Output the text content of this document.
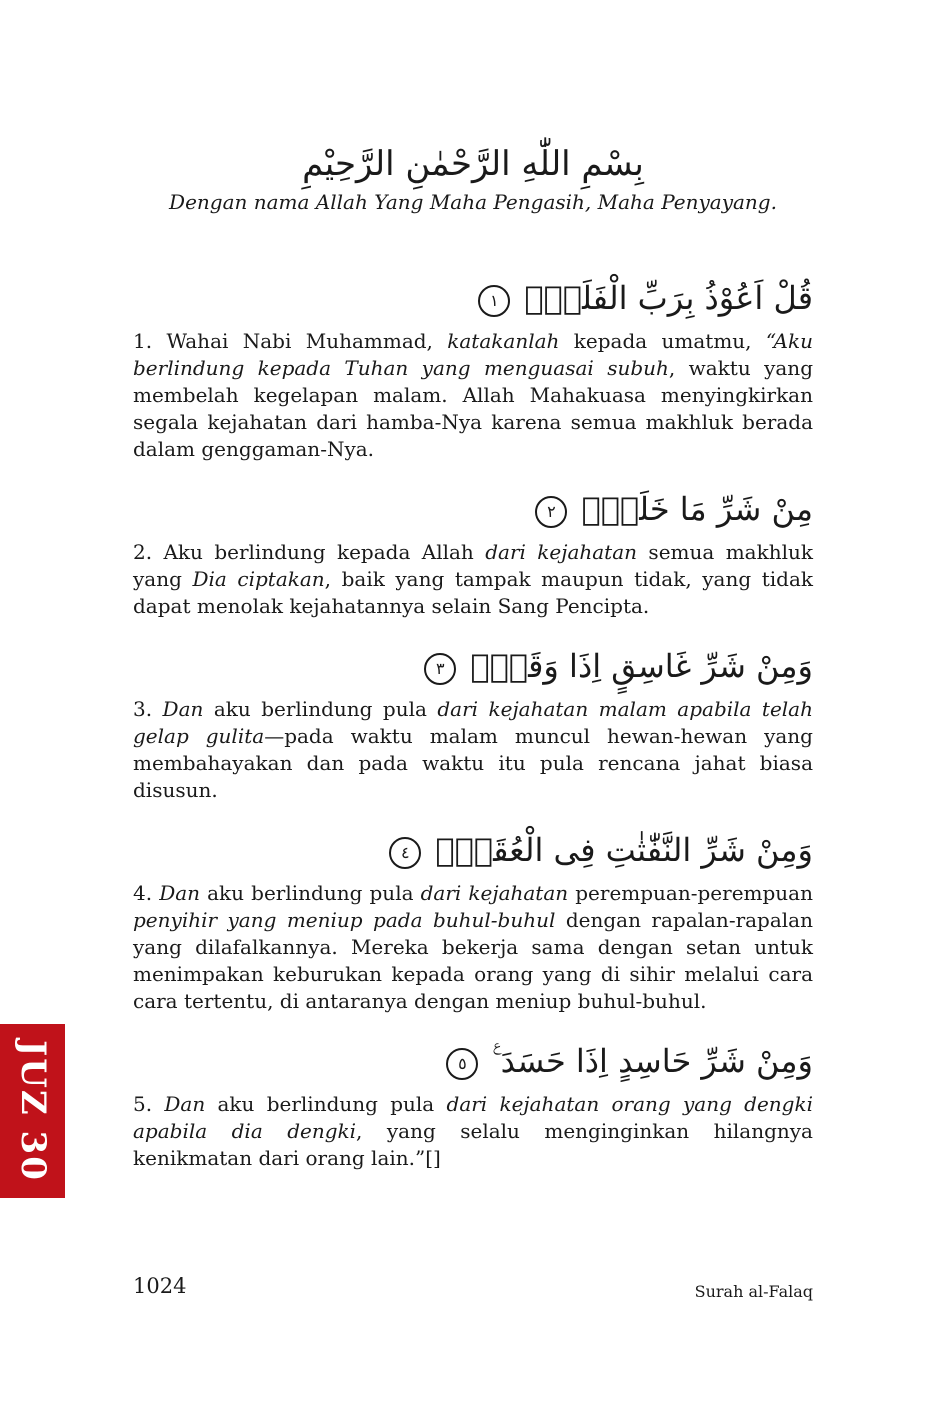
بِسْمِ اللّٰهِ الرَّحْمٰنِ الرَّحِيْمِ
Dengan nama Allah Yang Maha Pengasih, Maha Penyayang.
قُلْ اَعُوْذُ بِرَبِّ الْفَلَقِۙ ١

1. Wahai Nabi Muhammad, katakanlah kepada umatmu, “Aku berlindung kepada Tuhan yang menguasai subuh, waktu yang membelah kegelapan malam. Allah Mahakuasa menyingkirkan segala kejahatan dari hamba-Nya karena semua makhluk berada dalam genggaman-Nya.

مِنْ شَرِّ مَا خَلَقَۙ ٢

2. Aku berlindung kepada Allah dari kejahatan semua makhluk yang Dia ciptakan, baik yang tampak maupun tidak, yang tidak dapat menolak kejahatannya selain Sang Pencipta.

وَمِنْ شَرِّ غَاسِقٍ اِذَا وَقَبَۙ ٣

3. Dan aku berlindung pula dari kejahatan malam apabila telah gelap gulita—pada waktu malam muncul hewan-hewan yang membahayakan dan pada waktu itu pula rencana jahat biasa disusun.

وَمِنْ شَرِّ النَّفّٰثٰتِ فِى الْعُقَدِۙ ٤

4. Dan aku berlindung pula dari kejahatan perempuan-perempuan penyihir yang meniup pada buhul-buhul dengan rapalan-rapalan yang dilafalkannya. Mereka bekerja sama dengan setan untuk menimpakan keburukan kepada orang yang di sihir melalui cara cara tertentu, di antaranya dengan meniup buhul-buhul.

وَمِنْ شَرِّ حَاسِدٍ اِذَا حَسَدَ ࣖ ٥

5. Dan aku berlindung pula dari kejahatan orang yang dengki apabila dia dengki, yang selalu menginginkan hilangnya kenikmatan dari orang lain.”[]

JUZ 30
1024	Surah al-Falaq
